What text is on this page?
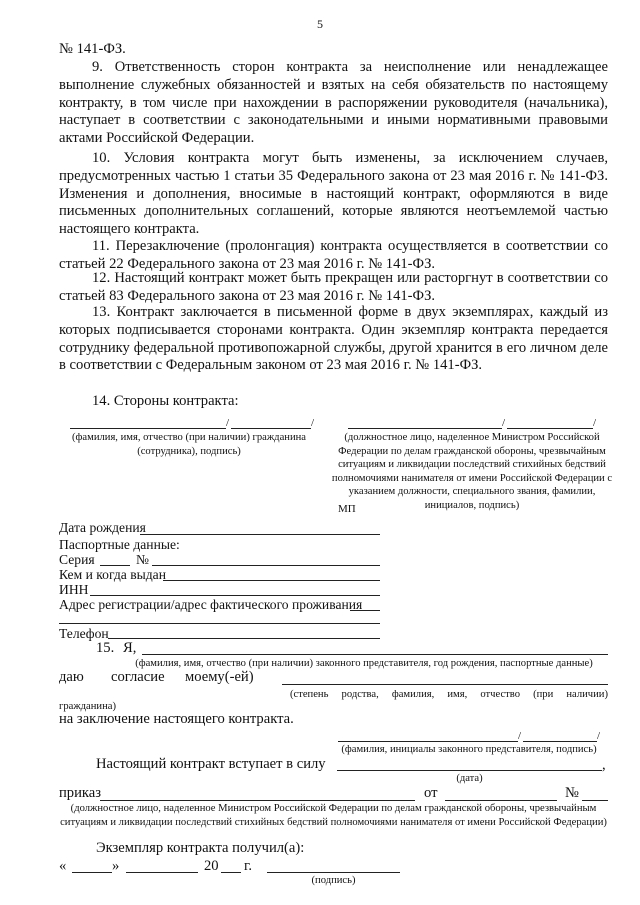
5
№ 141-ФЗ.
9. Ответственность сторон контракта за неисполнение или ненадлежащее выполнение служебных обязанностей и взятых на себя обязательств по настоящему контракту, в том числе при нахождении в распоряжении руководителя (начальника), наступает в соответствии с законодательными и иными нормативными правовыми актами Российской Федерации.
10. Условия контракта могут быть изменены, за исключением случаев, предусмотренных частью 1 статьи 35 Федерального закона от 23 мая 2016 г. № 141-ФЗ. Изменения и дополнения, вносимые в настоящий контракт, оформляются в виде письменных дополнительных соглашений, которые являются неотъемлемой частью настоящего контракта.
11. Перезаключение (пролонгация) контракта осуществляется в соответствии со статьей 22 Федерального закона от 23 мая 2016 г. № 141-ФЗ.
12. Настоящий контракт может быть прекращен или расторгнут в соответствии со статьей 83 Федерального закона от 23 мая 2016 г. № 141-ФЗ.
13. Контракт заключается в письменной форме в двух экземплярах, каждый из которых подписывается сторонами контракта. Один экземпляр контракта передается сотруднику федеральной противопожарной службы, другой хранится в его личном деле в соответствии с Федеральным законом от 23 мая 2016 г. № 141-ФЗ.
14. Стороны контракта:
/	/
(фамилия, имя, отчество (при наличии) гражданина (сотрудника), подпись)
/	/
(должностное лицо, наделенное Министром Российской Федерации по делам гражданской обороны, чрезвычайным ситуациям и ликвидации последствий стихийных бедствий полномочиями нанимателя от имени Российской Федерации с указанием должности, специального звания, фамилии, инициалов, подпись)
МП
Дата рождения
Паспортные данные:
Серия	№
Кем и когда выдан
ИНН
Адрес регистрации/адрес фактического проживания
Телефон
15. Я,
(фамилия, имя, отчество (при наличии) законного представителя, год рождения, паспортные данные)
даю согласие моему(-ей)
(степень родства, фамилия, имя, отчество (при наличии)
гражданина)
на заключение настоящего контракта.
/	/
(фамилия, инициалы законного представителя, подпись)
Настоящий контракт вступает в силу	,
(дата)
приказ	от	№
(должностное лицо, наделенное Министром Российской Федерации по делам гражданской обороны, чрезвычайным ситуациям и ликвидации последствий стихийных бедствий полномочиями нанимателя от имени Российской Федерации)
Экземпляр контракта получил(а):
«	»	20 г.
(подпись)
